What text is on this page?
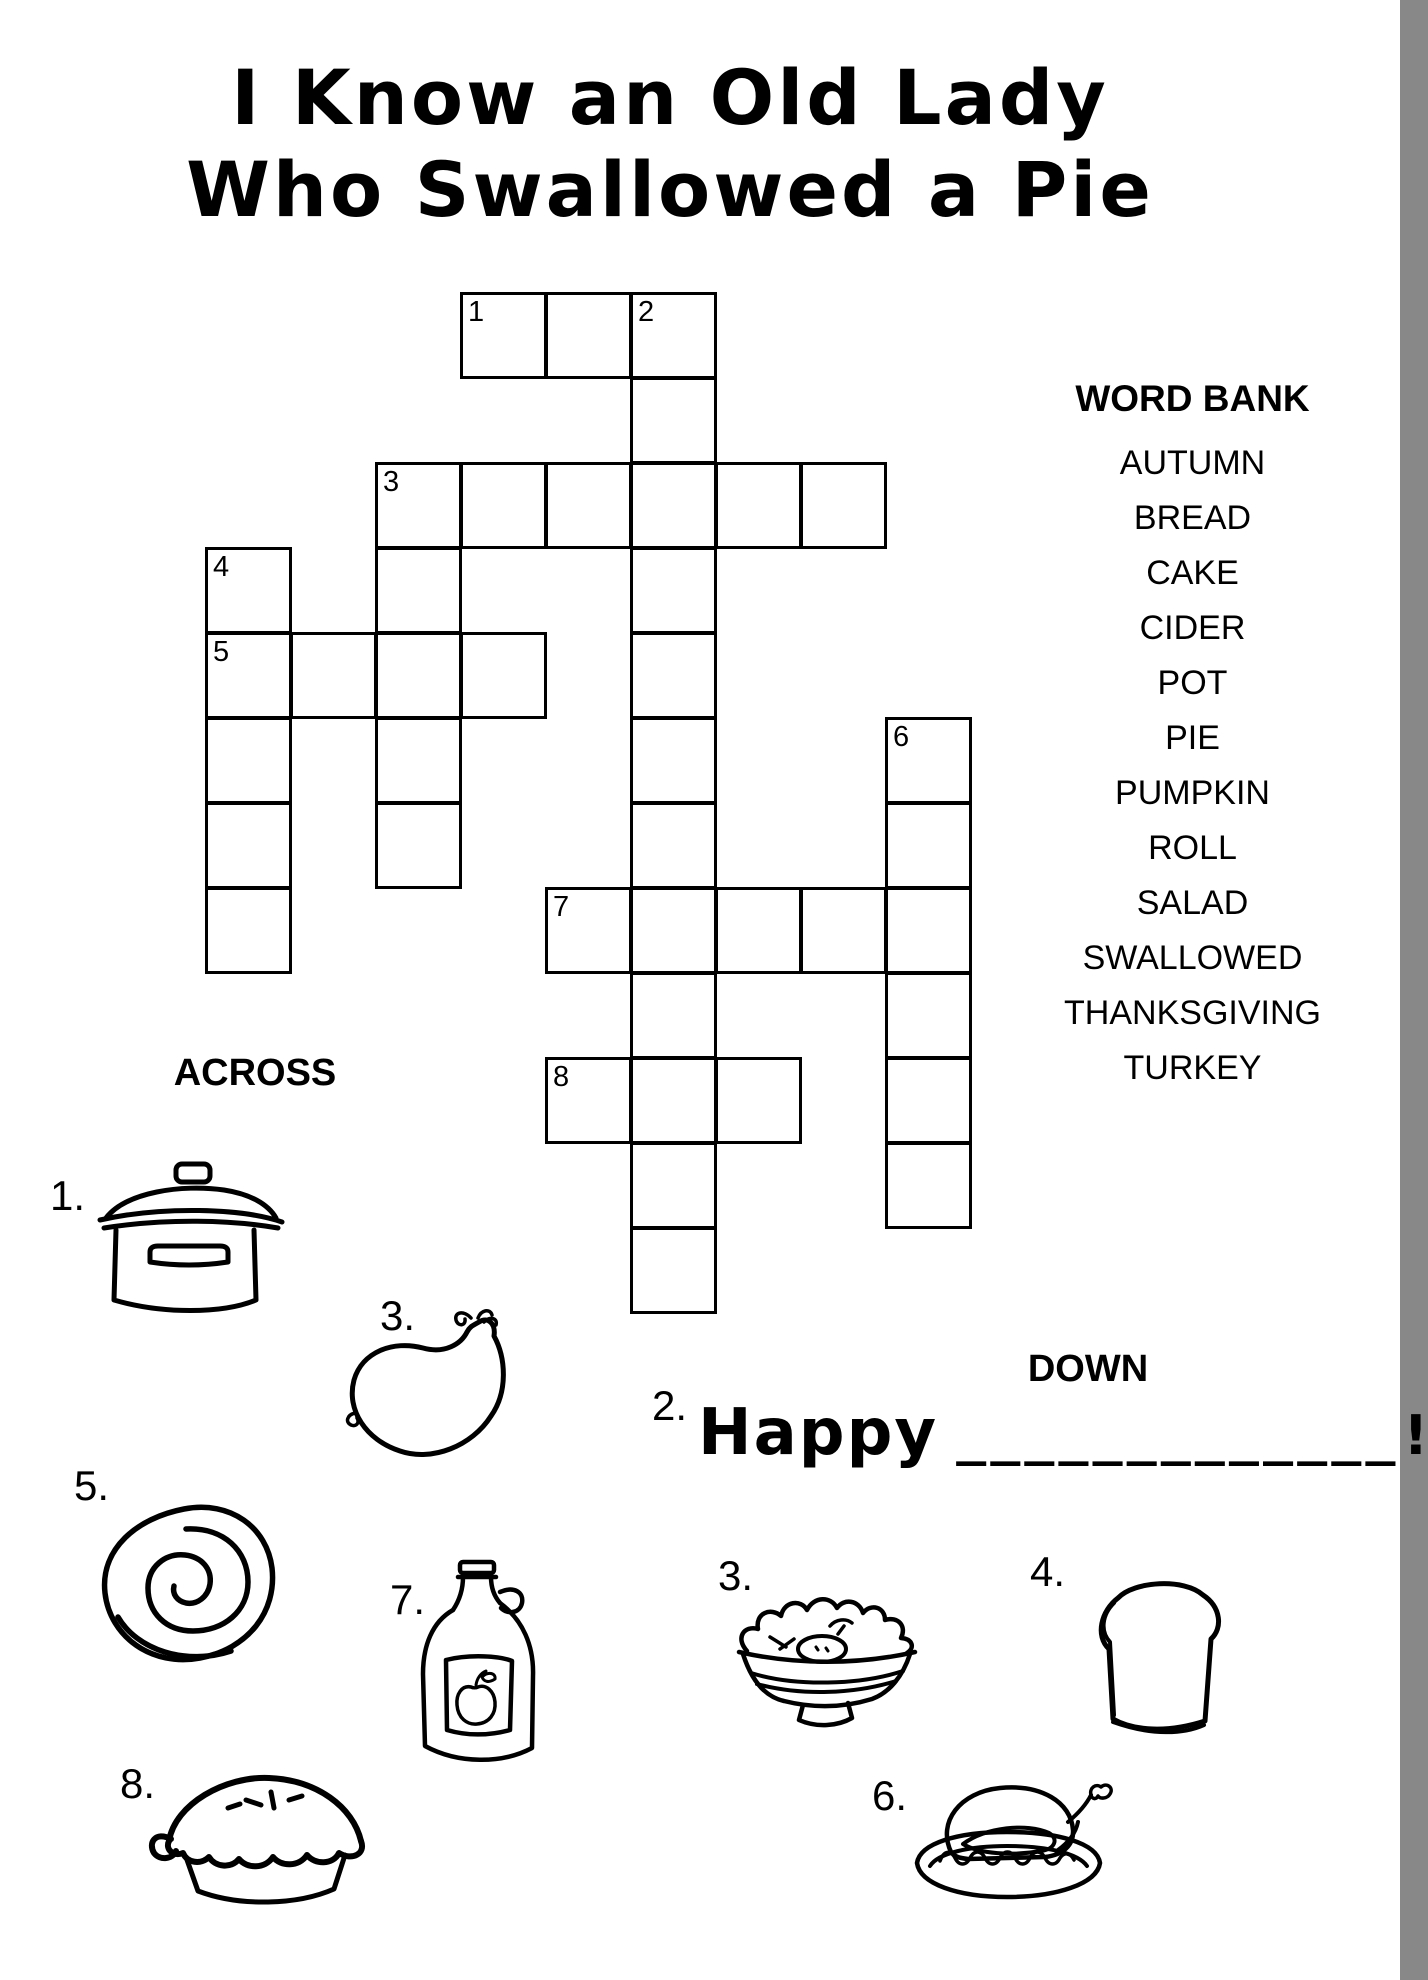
I Know an Old Lady
Who Swallowed a Pie
1	2
3
4
5
6
7
8
WORD BANK
AUTUMN
BREAD
CAKE
CIDER
POT
PIE
PUMPKIN
ROLL
SALAD
SWALLOWED
THANKSGIVING
TURKEY
ACROSS
DOWN
1.
3.
5.
7.
8.
2. Happy _____________ !
3.	4.
6.
